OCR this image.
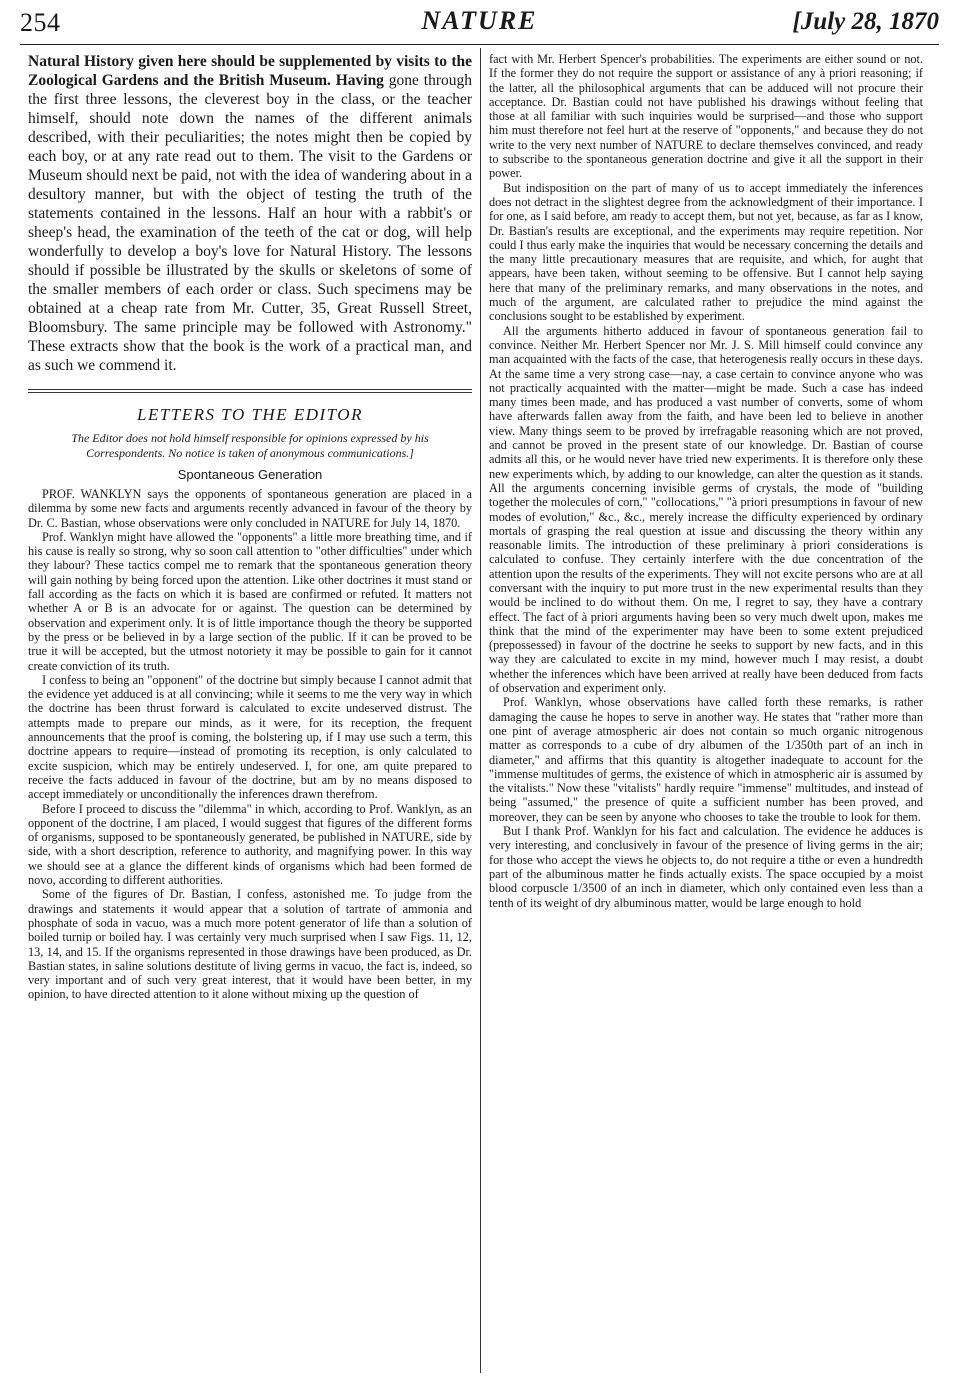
254	NATURE	[July 28, 1870

Natural History given here should be supplemented by visits to the Zoological Gardens and the British Museum. Having gone through the first three lessons, the cleverest boy in the class, or the teacher himself, should note down the names of the different animals described, with their peculiarities; the notes might then be copied by each boy, or at any rate read out to them. The visit to the Gardens or Museum should next be paid, not with the idea of wandering about in a desultory manner, but with the object of testing the truth of the statements contained in the lessons. Half an hour with a rabbit's or sheep's head, the examination of the teeth of the cat or dog, will help wonderfully to develop a boy's love for Natural History. The lessons should if possible be illustrated by the skulls or skeletons of some of the smaller members of each order or class. Such specimens may be obtained at a cheap rate from Mr. Cutter, 35, Great Russell Street, Bloomsbury. The same principle may be followed with Astronomy." These extracts show that the book is the work of a practical man, and as such we commend it.

LETTERS TO THE EDITOR
The Editor does not hold himself responsible for opinions expressed by his Correspondents. No notice is taken of anonymous communications.]
Spontaneous Generation

PROF. WANKLYN says the opponents of spontaneous generation are placed in a dilemma by some new facts and arguments recently advanced in favour of the theory by Dr. C. Bastian, whose observations were only concluded in NATURE for July 14, 1870.

Prof. Wanklyn might have allowed the "opponents" a little more breathing time, and if his cause is really so strong, why so soon call attention to "other difficulties" under which they labour? These tactics compel me to remark that the spontaneous generation theory will gain nothing by being forced upon the attention. Like other doctrines it must stand or fall according as the facts on which it is based are confirmed or refuted. It matters not whether A or B is an advocate for or against. The question can be determined by observation and experiment only. It is of little importance though the theory be supported by the press or be believed in by a large section of the public. If it can be proved to be true it will be accepted, but the utmost notoriety it may be possible to gain for it cannot create conviction of its truth.

I confess to being an "opponent" of the doctrine but simply because I cannot admit that the evidence yet adduced is at all convincing; while it seems to me the very way in which the doctrine has been thrust forward is calculated to excite undeserved distrust. The attempts made to prepare our minds, as it were, for its reception, the frequent announcements that the proof is coming, the bolstering up, if I may use such a term, this doctrine appears to require—instead of promoting its reception, is only calculated to excite suspicion, which may be entirely undeserved. I, for one, am quite prepared to receive the facts adduced in favour of the doctrine, but am by no means disposed to accept immediately or unconditionally the inferences drawn therefrom.

Before I proceed to discuss the "dilemma" in which, according to Prof. Wanklyn, as an opponent of the doctrine, I am placed, I would suggest that figures of the different forms of organisms, supposed to be spontaneously generated, be published in NATURE, side by side, with a short description, reference to authority, and magnifying power. In this way we should see at a glance the different kinds of organisms which had been formed de novo, according to different authorities.

Some of the figures of Dr. Bastian, I confess, astonished me. To judge from the drawings and statements it would appear that a solution of tartrate of ammonia and phosphate of soda in vacuo, was a much more potent generator of life than a solution of boiled turnip or boiled hay. I was certainly very much surprised when I saw Figs. 11, 12, 13, 14, and 15. If the organisms represented in those drawings have been produced, as Dr. Bastian states, in saline solutions destitute of living germs in vacuo, the fact is, indeed, so very important and of such very great interest, that it would have been better, in my opinion, to have directed attention to it alone without mixing up the question of

fact with Mr. Herbert Spencer's probabilities. The experiments are either sound or not. If the former they do not require the support or assistance of any à priori reasoning; if the latter, all the philosophical arguments that can be adduced will not procure their acceptance. Dr. Bastian could not have published his drawings without feeling that those at all familiar with such inquiries would be surprised—and those who support him must therefore not feel hurt at the reserve of "opponents," and because they do not write to the very next number of NATURE to declare themselves convinced, and ready to subscribe to the spontaneous generation doctrine and give it all the support in their power.

But indisposition on the part of many of us to accept immediately the inferences does not detract in the slightest degree from the acknowledgment of their importance. I for one, as I said before, am ready to accept them, but not yet, because, as far as I know, Dr. Bastian's results are exceptional, and the experiments may require repetition. Nor could I thus early make the inquiries that would be necessary concerning the details and the many little precautionary measures that are requisite, and which, for aught that appears, have been taken, without seeming to be offensive. But I cannot help saying here that many of the preliminary remarks, and many observations in the notes, and much of the argument, are calculated rather to prejudice the mind against the conclusions sought to be established by experiment.

All the arguments hitherto adduced in favour of spontaneous generation fail to convince. Neither Mr. Herbert Spencer nor Mr. J. S. Mill himself could convince any man acquainted with the facts of the case, that heterogenesis really occurs in these days. At the same time a very strong case—nay, a case certain to convince anyone who was not practically acquainted with the matter—might be made. Such a case has indeed many times been made, and has produced a vast number of converts, some of whom have afterwards fallen away from the faith, and have been led to believe in another view. Many things seem to be proved by irrefragable reasoning which are not proved, and cannot be proved in the present state of our knowledge. Dr. Bastian of course admits all this, or he would never have tried new experiments. It is therefore only these new experiments which, by adding to our knowledge, can alter the question as it stands. All the arguments concerning invisible germs of crystals, the mode of "building together the molecules of corn," "collocations," "à priori presumptions in favour of new modes of evolution," &c., &c., merely increase the difficulty experienced by ordinary mortals of grasping the real question at issue and discussing the theory within any reasonable limits. The introduction of these preliminary à priori considerations is calculated to confuse. They certainly interfere with the due concentration of the attention upon the results of the experiments. They will not excite persons who are at all conversant with the inquiry to put more trust in the new experimental results than they would be inclined to do without them. On me, I regret to say, they have a contrary effect. The fact of à priori arguments having been so very much dwelt upon, makes me think that the mind of the experimenter may have been to some extent prejudiced (prepossessed) in favour of the doctrine he seeks to support by new facts, and in this way they are calculated to excite in my mind, however much I may resist, a doubt whether the inferences which have been arrived at really have been deduced from facts of observation and experiment only.

Prof. Wanklyn, whose observations have called forth these remarks, is rather damaging the cause he hopes to serve in another way. He states that "rather more than one pint of average atmospheric air does not contain so much organic nitrogenous matter as corresponds to a cube of dry albumen of the 1/350th part of an inch in diameter," and affirms that this quantity is altogether inadequate to account for the "immense multitudes of germs, the existence of which in atmospheric air is assumed by the vitalists." Now these "vitalists" hardly require "immense" multitudes, and instead of being "assumed," the presence of quite a sufficient number has been proved, and moreover, they can be seen by anyone who chooses to take the trouble to look for them.

But I thank Prof. Wanklyn for his fact and calculation. The evidence he adduces is very interesting, and conclusively in favour of the presence of living germs in the air; for those who accept the views he objects to, do not require a tithe or even a hundredth part of the albuminous matter he finds actually exists. The space occupied by a moist blood corpuscle 1/3500 of an inch in diameter, which only contained even less than a tenth of its weight of dry albuminous matter, would be large enough to hold
